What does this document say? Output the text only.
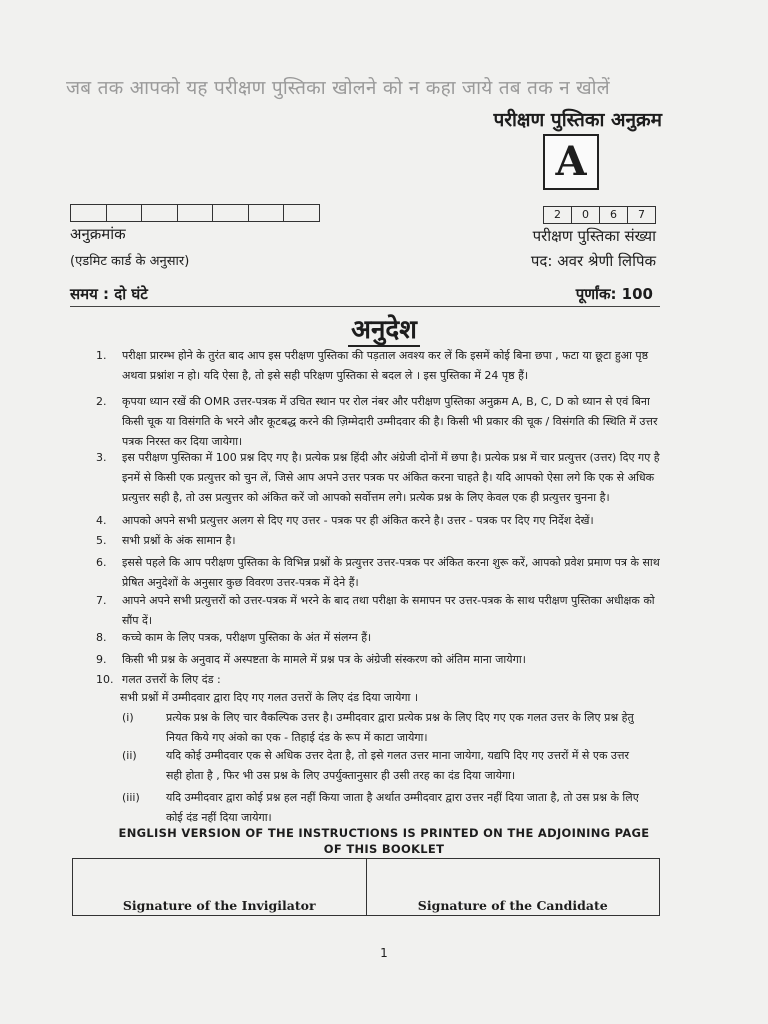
जब तक आपको यह परीक्षण पुस्तिका खोलने को न कहा जाये तब तक न खोलें
परीक्षण पुस्तिका अनुक्रम
A
2	0	6	7
अनुक्रमांक
(एडमिट कार्ड के अनुसार)
परीक्षण पुस्तिका संख्या
पद: अवर श्रेणी लिपिक
समय : दो घंटे	पूर्णांक: 100
अनुदेश
1.	परीक्षा प्रारम्भ होने के तुरंत बाद आप इस परीक्षण पुस्तिका की पड़ताल अवश्य कर लें कि इसमें कोई बिना छपा , फटा या छूटा हुआ पृष्ठ अथवा प्रश्नांश न हो। यदि ऐसा है, तो इसे सही परिक्षण पुस्तिका से बदल ले । इस पुस्तिका में 24 पृष्ठ हैं।
2.	कृपया ध्यान रखें की OMR उत्तर-पत्रक में उचित स्थान पर रोल नंबर और परीक्षण पुस्तिका अनुक्रम A, B, C, D को ध्यान से एवं बिना किसी चूक या विसंगति के भरने और कूटबद्ध करने की ज़िम्मेदारी उम्मीदवार की है। किसी भी प्रकार की चूक / विसंगति की स्थिति में उत्तर पत्रक निरस्त कर दिया जायेगा।
3.	इस परीक्षण पुस्तिका में 100 प्रश्न दिए गए है। प्रत्येक प्रश्न हिंदी और अंग्रेजी दोनों में छपा है। प्रत्येक प्रश्न में चार प्रत्युत्तर (उत्तर) दिए गए है इनमें से किसी एक प्रत्युत्तर को चुन लें, जिसे आप अपने उत्तर पत्रक पर अंकित करना चाहते है। यदि आपको ऐसा लगे कि एक से अधिक प्रत्युत्तर सही है, तो उस प्रत्युत्तर को अंकित करें जो आपको सर्वोत्तम लगे। प्रत्येक प्रश्न के लिए केवल एक ही प्रत्युत्तर चुनना है।
4.	आपको अपने सभी प्रत्युत्तर अलग से दिए गए उत्तर - पत्रक पर ही अंकित करने है। उत्तर - पत्रक पर दिए गए निर्देश देखें।
5.	सभी प्रश्नों के अंक सामान है।
6.	इससे पहले कि आप परीक्षण पुस्तिका के विभिन्न प्रश्नों के प्रत्युत्तर उत्तर-पत्रक पर अंकित करना शुरू करें, आपको प्रवेश प्रमाण पत्र के साथ प्रेषित अनुदेशों के अनुसार कुछ विवरण उत्तर-पत्रक में देने हैं।
7.	आपने अपने सभी प्रत्युत्तरों को उत्तर-पत्रक में भरने के बाद तथा परीक्षा के समापन पर उत्तर-पत्रक के साथ परीक्षण पुस्तिका अधीक्षक को सौंप दें।
8.	कच्चे काम के लिए पत्रक, परीक्षण पुस्तिका के अंत में संलग्न हैं।
9.	किसी भी प्रश्न के अनुवाद में अस्पष्टता के मामले में प्रश्न पत्र के अंग्रेजी संस्करण को अंतिम माना जायेगा।
10. गलत उत्तरों के लिए दंड :
सभी प्रश्नों में उम्मीदवार द्वारा दिए गए गलत उत्तरों के लिए दंड दिया जायेगा ।
(i)	प्रत्येक प्रश्न के लिए चार वैकल्पिक उत्तर है। उम्मीदवार द्वारा प्रत्येक प्रश्न के लिए दिए गए एक गलत उत्तर के लिए प्रश्न हेतु नियत किये गए अंको का एक - तिहाई दंड के रूप में काटा जायेगा।
(ii)	यदि कोई उम्मीदवार एक से अधिक उत्तर देता है, तो इसे गलत उत्तर माना जायेगा, यद्यपि दिए गए उत्तरों में से एक उत्तर सही होता है , फिर भी उस प्रश्न के लिए उपर्युक्तानुसार ही उसी तरह का दंड दिया जायेगा।
(iii) यदि उम्मीदवार द्वारा कोई प्रश्न हल नहीं किया जाता है अर्थात उम्मीदवार द्वारा उत्तर नहीं दिया जाता है, तो उस प्रश्न के लिए कोई दंड नहीं दिया जायेगा।
ENGLISH VERSION OF THE INSTRUCTIONS IS PRINTED ON THE ADJOINING PAGE
OF THIS BOOKLET
Signature of the Invigilator	Signature of the Candidate
1
